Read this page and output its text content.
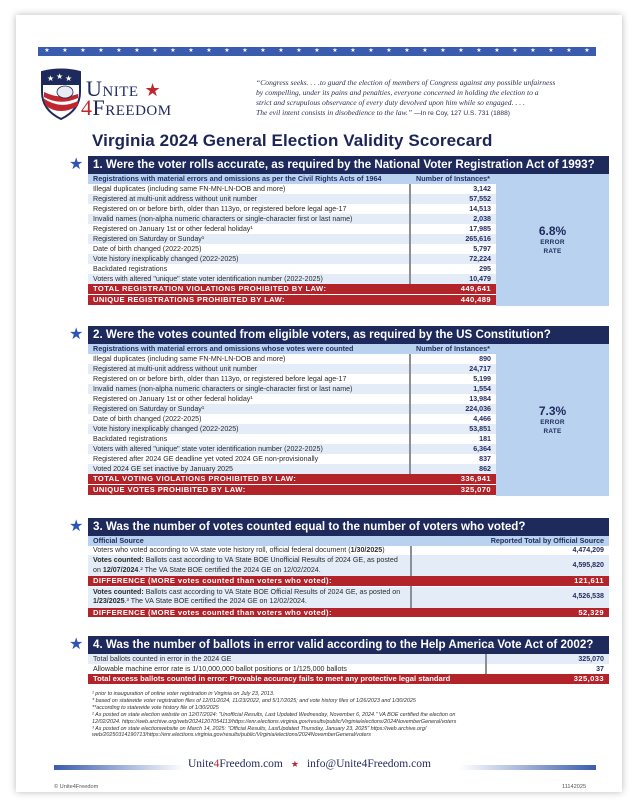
★ ★ ★ ★ ★ ★ ★ ★ ★ ★ ★ ★ ★ ★ ★ ★ ★ ★ ★ ★ ★ ★ ★ ★ ★ ★ ★ ★ ★ ★ ★
★ ★ ★ Unite ★
4Freedom
“Congress seeks. . . .to guard the election of members of Congress against any possible unfairness
by compelling, under its pains and penalties, everyone concerned in holding the election to a
strict and scrupulous observance of every duty devolved upon him while so engaged. . . .
The evil intent consists in disobedience to the law.” —In re Coy, 127 U.S. 731 (1888)
Virginia 2024 General Election Validity Scorecard
★ 1. Were the voter rolls accurate, as required by the National Voter Registration Act of 1993?
Registrations with material errors and omissions as per the Civil Rights Acts of 1964	Number of Instances*	6.8%
ERROR
RATE

Illegal duplicates (including same FN-MN-LN-DOB and more)	3,142	
Registered at multi-unit address without unit number	57,552	
Registered on or before birth, older than 113yo, or registered before legal age-17	14,513	
Invalid names (non-alpha numeric characters or single-character first or last name)	2,038	
Registered on January 1st or other federal holiday¹	17,985	
Registered on Saturday or Sunday¹	265,616	
Date of birth changed (2022-2025)	5,797	
Vote history inexplicably changed (2022-2025)	72,224	
Backdated registrations	295	
Voters with altered "unique" state voter identification number (2022-2025)	10,479	
TOTAL REGISTRATION VIOLATIONS PROHIBITED BY LAW:	449,641	
UNIQUE REGISTRATIONS PROHIBITED BY LAW:	440,489	
★ 2. Were the votes counted from eligible voters, as required by the US Constitution?
Registrations with material errors and omissions whose votes were counted	Number of Instances*	7.3%
ERROR
RATE

Illegal duplicates (including same FN-MN-LN-DOB and more)	890	
Registered at multi-unit address without unit number	24,717	
Registered on or before birth, older than 113yo, or registered before legal age-17	5,199	
Invalid names (non-alpha numeric characters or single-character first or last name)	1,554	
Registered on January 1st or other federal holiday¹	13,984	
Registered on Saturday or Sunday¹	224,036	
Date of birth changed (2022-2025)	4,466	
Vote history inexplicably changed (2022-2025)	53,851	
Backdated registrations	181	
Voters with altered "unique" state voter identification number (2022-2025)	6,364	
Registered after 2024 GE deadline yet voted 2024 GE non-provisionally	837	
Voted 2024 GE set inactive by January 2025	862	
TOTAL VOTING VIOLATIONS PROHIBITED BY LAW:	336,941	
UNIQUE VOTES PROHIBITED BY LAW:	325,070	
★ 3. Was the number of votes counted equal to the number of voters who voted?
Official Source	Reported Total by Official Source
Voters who voted according to VA state vote history roll, official federal document (1/30/2025)	4,474,209
Votes counted: Ballots cast according to VA State BOE Unofficial Results of 2024 GE, as posted on 12/07/2024.² The VA State BOE certified the 2024 GE on 12/02/2024.	4,595,820
DIFFERENCE (MORE votes counted than voters who voted):	121,611
Votes counted: Ballots cast according to VA State BOE Official Results of 2024 GE, as posted on 1/23/2025.³ The VA State BOE certified the 2024 GE on 12/02/2024.	4,526,538
DIFFERENCE (MORE votes counted than voters who voted):	52,329
★ 4. Was the number of ballots in error valid according to the Help America Vote Act of 2002?
Total ballots counted in error in the 2024 GE	325,070
Allowable machine error rate is 1/10,000,000 ballot positions or 1/125,000 ballots	37
Total excess ballots counted in error: Provable accuracy fails to meet any protective legal standard	325,033
¹ prior to inauguration of online voter registration in Virginia on July 23, 2013.
* based on statewide voter registration files of 12/01/2024, 11/23/2022, and 5/17/2025; and vote history files of 1/26/2023 and 1/30/2025
**according to statewide vote history file of 1/30/2025
² As posted on state election website on 12/07/2024: "Unofficial Results, Last Updated Wednesday, November 6, 2024." VA BOE certified the election on
12/02/2024. https://web.archive.org/web/20241207054113/https://enr.elections.virginia.gov/results/public/Virginia/elections/2024NovemberGeneral/voters
³ As posted on state electionwebsite on March 14, 2025: "Official Results, LastUpdated Thursday, January 23, 2025" https://web.archive.org/
web/20250314190713/https://enr.elections.virginia.gov/results/public/Virginia/elections/2024NovemberGeneral/voters
Unite4Freedom.com ★ info@Unite4Freedom.com
© Unite4Freedom	11142025
